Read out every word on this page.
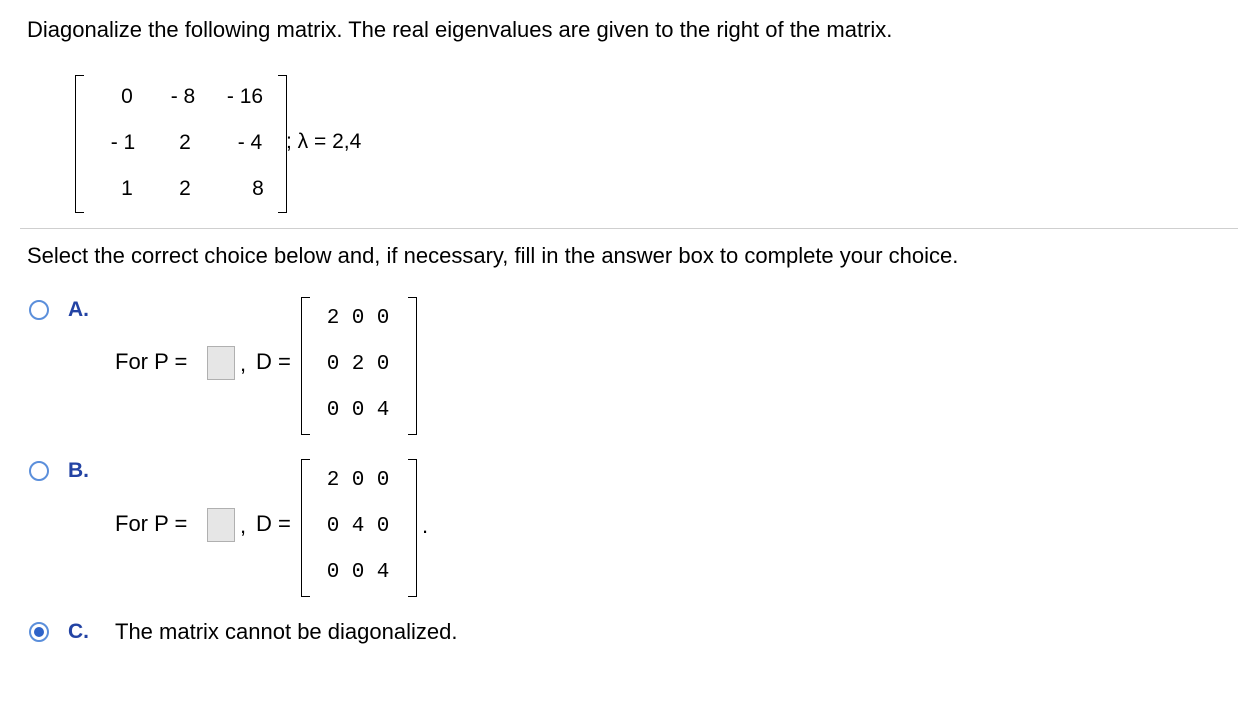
Diagonalize the following matrix. The real eigenvalues are given to the right of the matrix.
0	- 8	- 16
- 1	2	- 4
1	2	8
; λ = 2,4
Select the correct choice below and, if necessary, fill in the answer box to complete your choice.
A.
For P = , D =
2 0 0
0 2 0
0 0 4
B.
For P = , D =
2 0 0
0 4 0
0 0 4
.
C. The matrix cannot be diagonalized.
